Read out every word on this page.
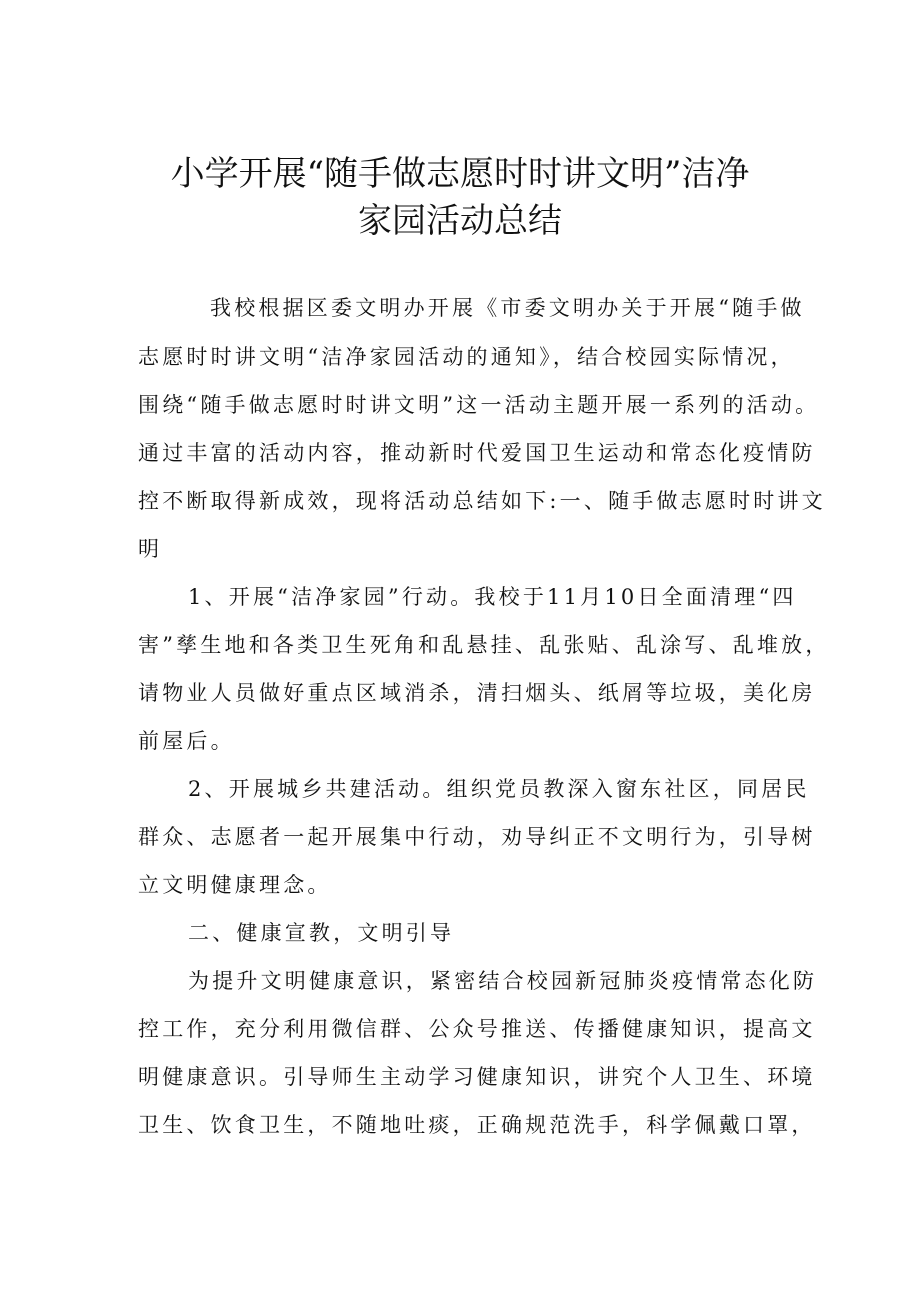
小学开展“随手做志愿时时讲文明”洁净
家园活动总结
我校根据区委文明办开展《市委文明办关于开展“随手做
志愿时时讲文明“洁净家园活动的通知》，结合校园实际情况，
围绕“随手做志愿时时讲文明”这一活动主题开展一系列的活动。
通过丰富的活动内容，推动新时代爱国卫生运动和常态化疫情防
控不断取得新成效，现将活动总结如下:一、随手做志愿时时讲文
明
1、开展“洁净家园”行动。我校于11月10日全面清理“四
害”孳生地和各类卫生死角和乱悬挂、乱张贴、乱涂写、乱堆放，
请物业人员做好重点区域消杀，清扫烟头、纸屑等垃圾，美化房
前屋后。
2、开展城乡共建活动。组织党员教深入窗东社区，同居民
群众、志愿者一起开展集中行动，劝导纠正不文明行为，引导树
立文明健康理念。
二、健康宣教，文明引导
为提升文明健康意识，紧密结合校园新冠肺炎疫情常态化防
控工作，充分利用微信群、公众号推送、传播健康知识，提高文
明健康意识。引导师生主动学习健康知识，讲究个人卫生、环境
卫生、饮食卫生，不随地吐痰，正确规范洗手，科学佩戴口罩，
